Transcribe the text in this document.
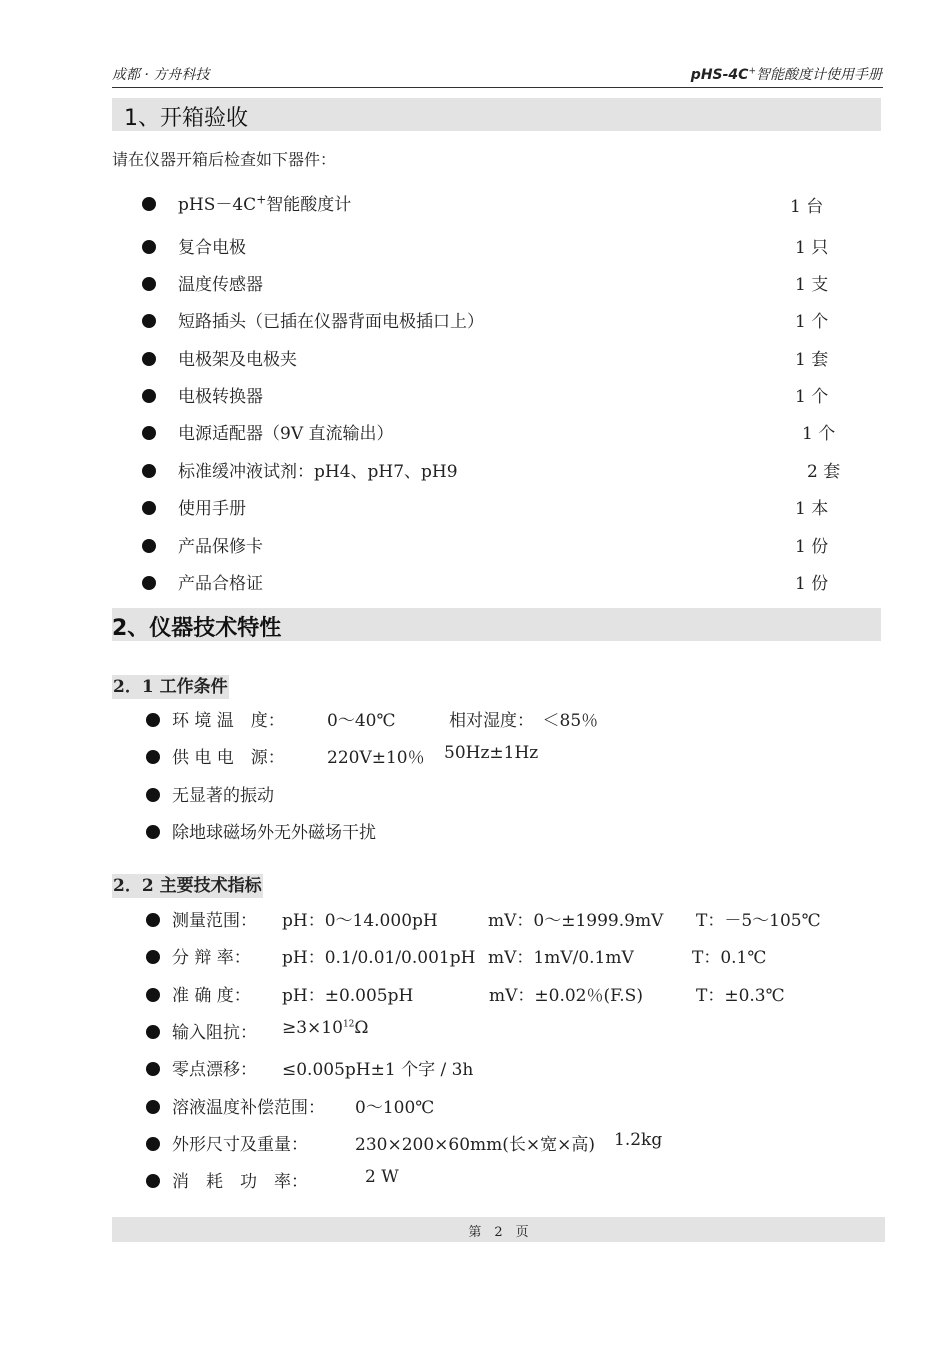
成都 · 方舟科技	pHS-4C+智能酸度计使用手册
1、开箱验收
请在仪器开箱后检查如下器件：
pHS－4C+智能酸度计	1 台
复合电极	1 只
温度传感器	1 支
短路插头（已插在仪器背面电极插口上）	1 个
电极架及电极夹	1 套
电极转换器	1 个
电源适配器（9V 直流输出）	1 个
标准缓冲液试剂：pH4、pH7、pH9	2 套
使用手册	1 本
产品保修卡	1 份
产品合格证	1 份
2、仪器技术特性
2．1 工作条件
环 境 温　度： 0～40℃	相对湿度：　＜85％
供 电 电　源： 220V±10％ 50Hz±1Hz
无显著的振动
除地球磁场外无外磁场干扰
2．2 主要技术指标
测量范围： pH：0～14.000pH	mV：0～±1999.9mV T：－5～105℃
分 辩 率： pH：0.1/0.01/0.001pH mV：1mV/0.1mV	T：0.1℃
准 确 度： pH：±0.005pH	mV：±0.02％(F.S)	T：±0.3℃
输入阻抗： $\ge 3\times 10^{12}\Omega$
零点漂移： ≤0.005pH±1 个字 / 3h
溶液温度补偿范围： 0～100℃
外形尺寸及重量：	230×200×60mm(长×宽×高) 1.2kg
消　耗　功　率：	2 W
第　2　页
